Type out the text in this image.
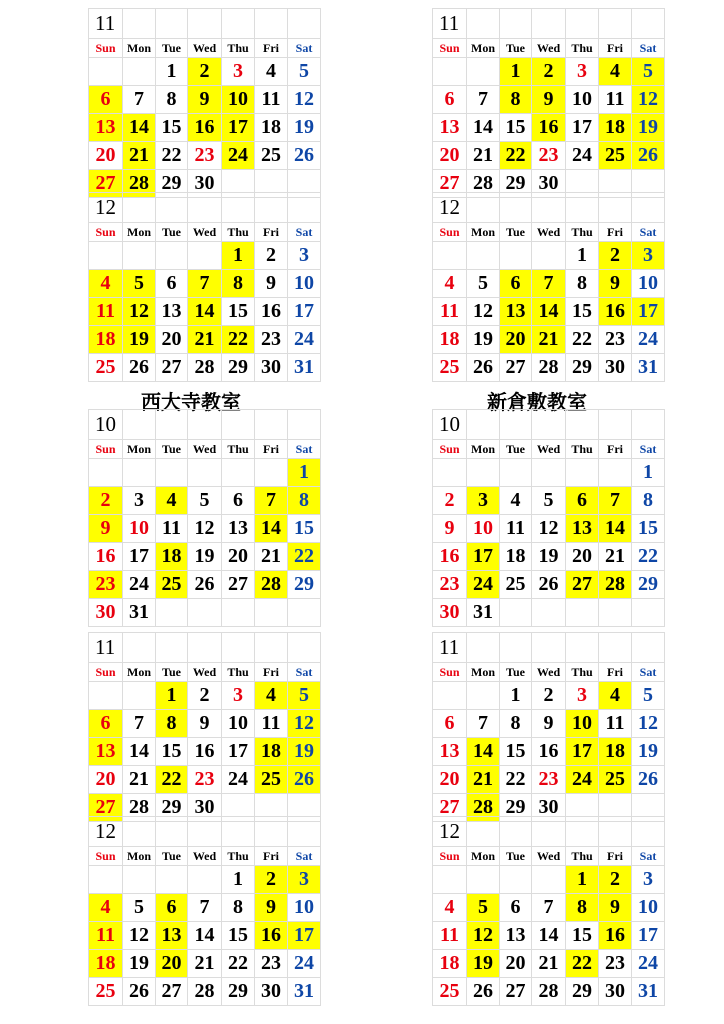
西大寺教室
11						
Sun	Mon	Tue	Wed	Thu	Fri	Sat
		1	2	3	4	5
6	7	8	9	10	11	12
13	14	15	16	17	18	19
20	21	22	23	24	25	26
27	28	29	30			
12						
Sun	Mon	Tue	Wed	Thu	Fri	Sat
				1	2	3
4	5	6	7	8	9	10
11	12	13	14	15	16	17
18	19	20	21	22	23	24
25	26	27	28	29	30	31
10						
Sun	Mon	Tue	Wed	Thu	Fri	Sat
						1
2	3	4	5	6	7	8
9	10	11	12	13	14	15
16	17	18	19	20	21	22
23	24	25	26	27	28	29
30	31					
11						
Sun	Mon	Tue	Wed	Thu	Fri	Sat
		1	2	3	4	5
6	7	8	9	10	11	12
13	14	15	16	17	18	19
20	21	22	23	24	25	26
27	28	29	30			
12						
Sun	Mon	Tue	Wed	Thu	Fri	Sat
				1	2	3
4	5	6	7	8	9	10
11	12	13	14	15	16	17
18	19	20	21	22	23	24
25	26	27	28	29	30	31
新倉敷教室
11						
Sun	Mon	Tue	Wed	Thu	Fri	Sat
		1	2	3	4	5
6	7	8	9	10	11	12
13	14	15	16	17	18	19
20	21	22	23	24	25	26
27	28	29	30			
12						
Sun	Mon	Tue	Wed	Thu	Fri	Sat
				1	2	3
4	5	6	7	8	9	10
11	12	13	14	15	16	17
18	19	20	21	22	23	24
25	26	27	28	29	30	31
10						
Sun	Mon	Tue	Wed	Thu	Fri	Sat
						1
2	3	4	5	6	7	8
9	10	11	12	13	14	15
16	17	18	19	20	21	22
23	24	25	26	27	28	29
30	31					
11						
Sun	Mon	Tue	Wed	Thu	Fri	Sat
		1	2	3	4	5
6	7	8	9	10	11	12
13	14	15	16	17	18	19
20	21	22	23	24	25	26
27	28	29	30			
12						
Sun	Mon	Tue	Wed	Thu	Fri	Sat
				1	2	3
4	5	6	7	8	9	10
11	12	13	14	15	16	17
18	19	20	21	22	23	24
25	26	27	28	29	30	31
